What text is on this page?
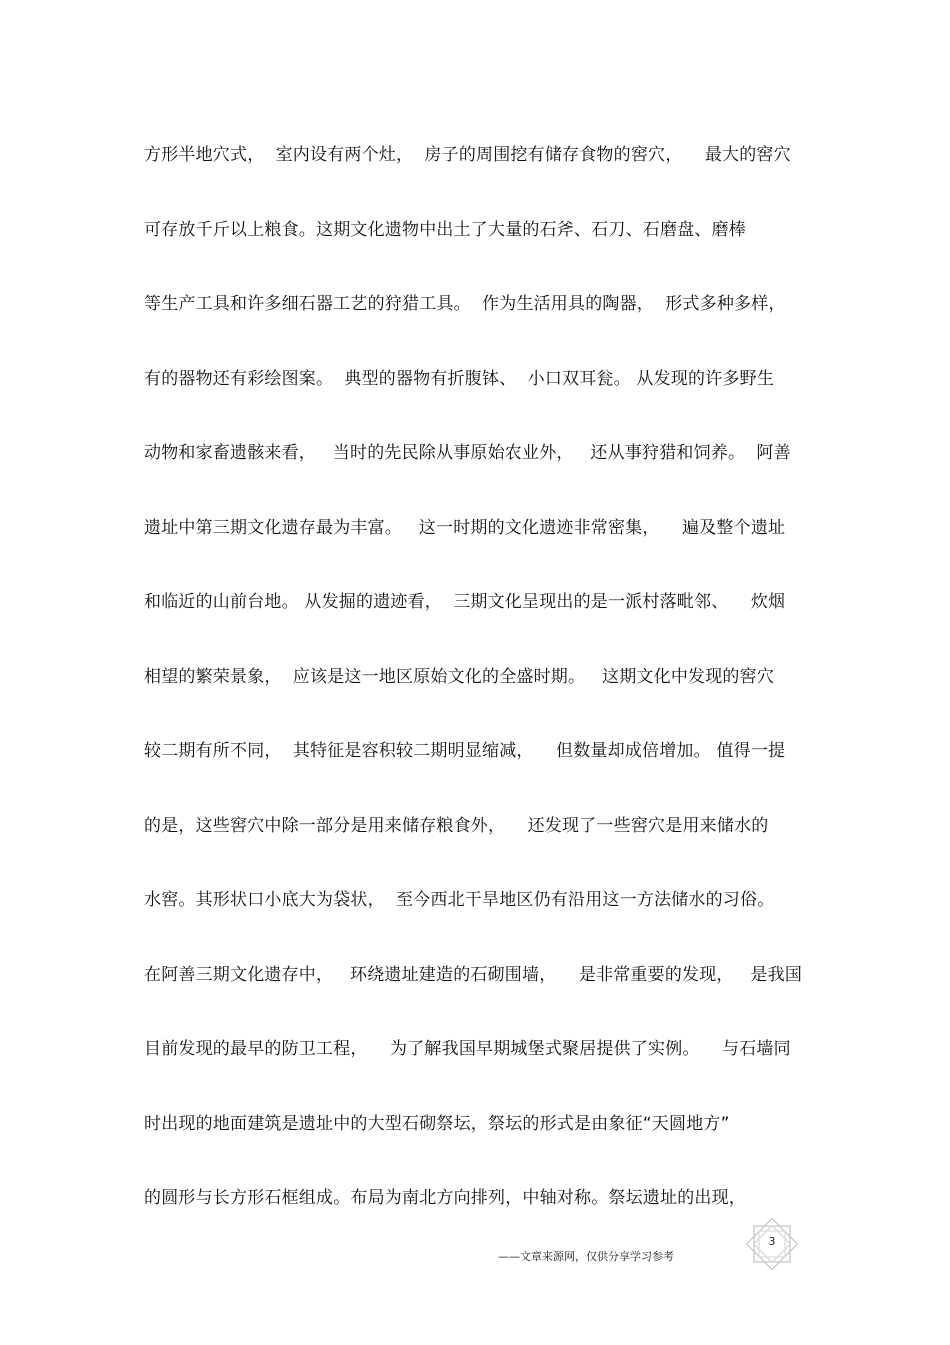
方形半地穴式，  室内设有两个灶，  房子的周围挖有储存食物的窖穴，    最大的窖穴
可存放千斤以上粮食。这期文化遗物中出土了大量的石斧、石刀、石磨盘、磨棒
等生产工具和许多细石器工艺的狩猎工具。  作为生活用具的陶器，  形式多种多样，
有的器物还有彩绘图案。  典型的器物有折腹钵、  小口双耳瓮。 从发现的许多野生
动物和家畜遗骸来看，   当时的先民除从事原始农业外，   还从事狩猎和饲养。  阿善
遗址中第三期文化遗存最为丰富。   这一时期的文化遗迹非常密集，    遍及整个遗址
和临近的山前台地。 从发掘的遗迹看，  三期文化呈现出的是一派村落毗邻、    炊烟
相望的繁荣景象，  应该是这一地区原始文化的全盛时期。   这期文化中发现的窖穴
较二期有所不同，  其特征是容积较二期明显缩减，    但数量却成倍增加。 值得一提
的是，这些窖穴中除一部分是用来储存粮食外，    还发现了一些窖穴是用来储水的
水窖。其形状口小底大为袋状，  至今西北干旱地区仍有沿用这一方法储水的习俗。
在阿善三期文化遗存中，   环绕遗址建造的石砌围墙，    是非常重要的发现，   是我国
目前发现的最早的防卫工程，    为了解我国早期城堡式聚居提供了实例。    与石墙同
时出现的地面建筑是遗址中的大型石砌祭坛，祭坛的形式是由象征“天圆地方”
的圆形与长方形石框组成。布局为南北方向排列，中轴对称。祭坛遗址的出现，
——文章来源网，仅供分享学习参考
3
